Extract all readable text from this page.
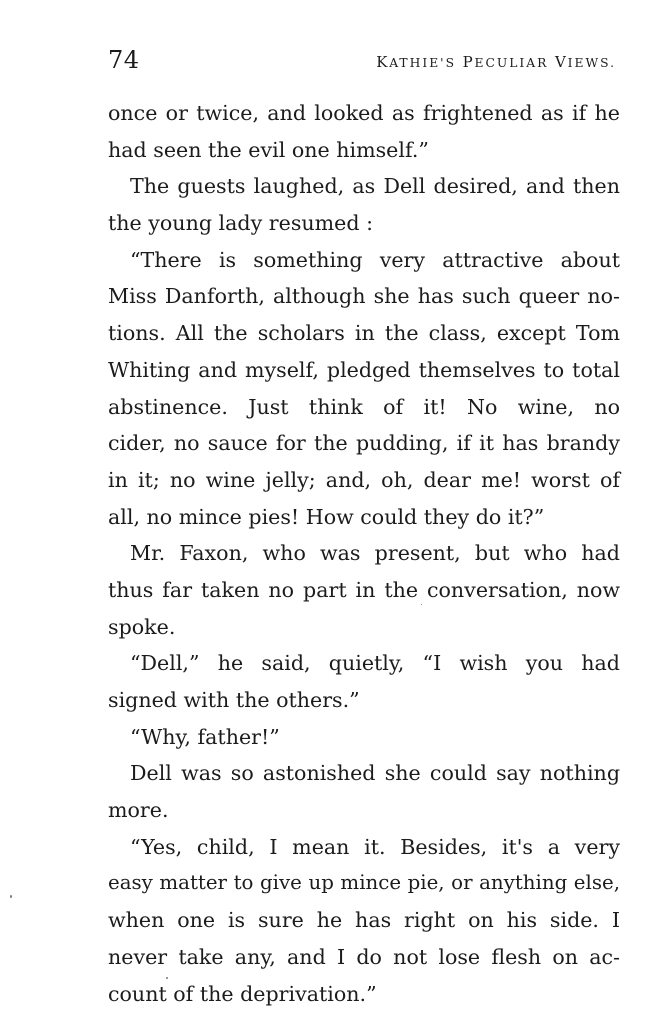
74	KATHIE'S PECULIAR VIEWS.
once or twice, and looked as frightened as if he
had seen the evil one himself.”
The guests laughed, as Dell desired, and then
the young lady resumed :
“There is something very attractive about
Miss Danforth, although she has such queer no-
tions. All the scholars in the class, except Tom
Whiting and myself, pledged themselves to total
abstinence. Just think of it! No wine, no
cider, no sauce for the pudding, if it has brandy
in it; no wine jelly; and, oh, dear me! worst of
all, no mince pies! How could they do it?”
Mr. Faxon, who was present, but who had
thus far taken no part in the conversation, now
spoke.
“Dell,” he said, quietly, “I wish you had
signed with the others.”
“Why, father!”
Dell was so astonished she could say nothing
more.
“Yes, child, I mean it. Besides, it's a very
easy matter to give up mince pie, or anything else,
when one is sure he has right on his side. I
never take any, and I do not lose flesh on ac-
count of the deprivation.”
